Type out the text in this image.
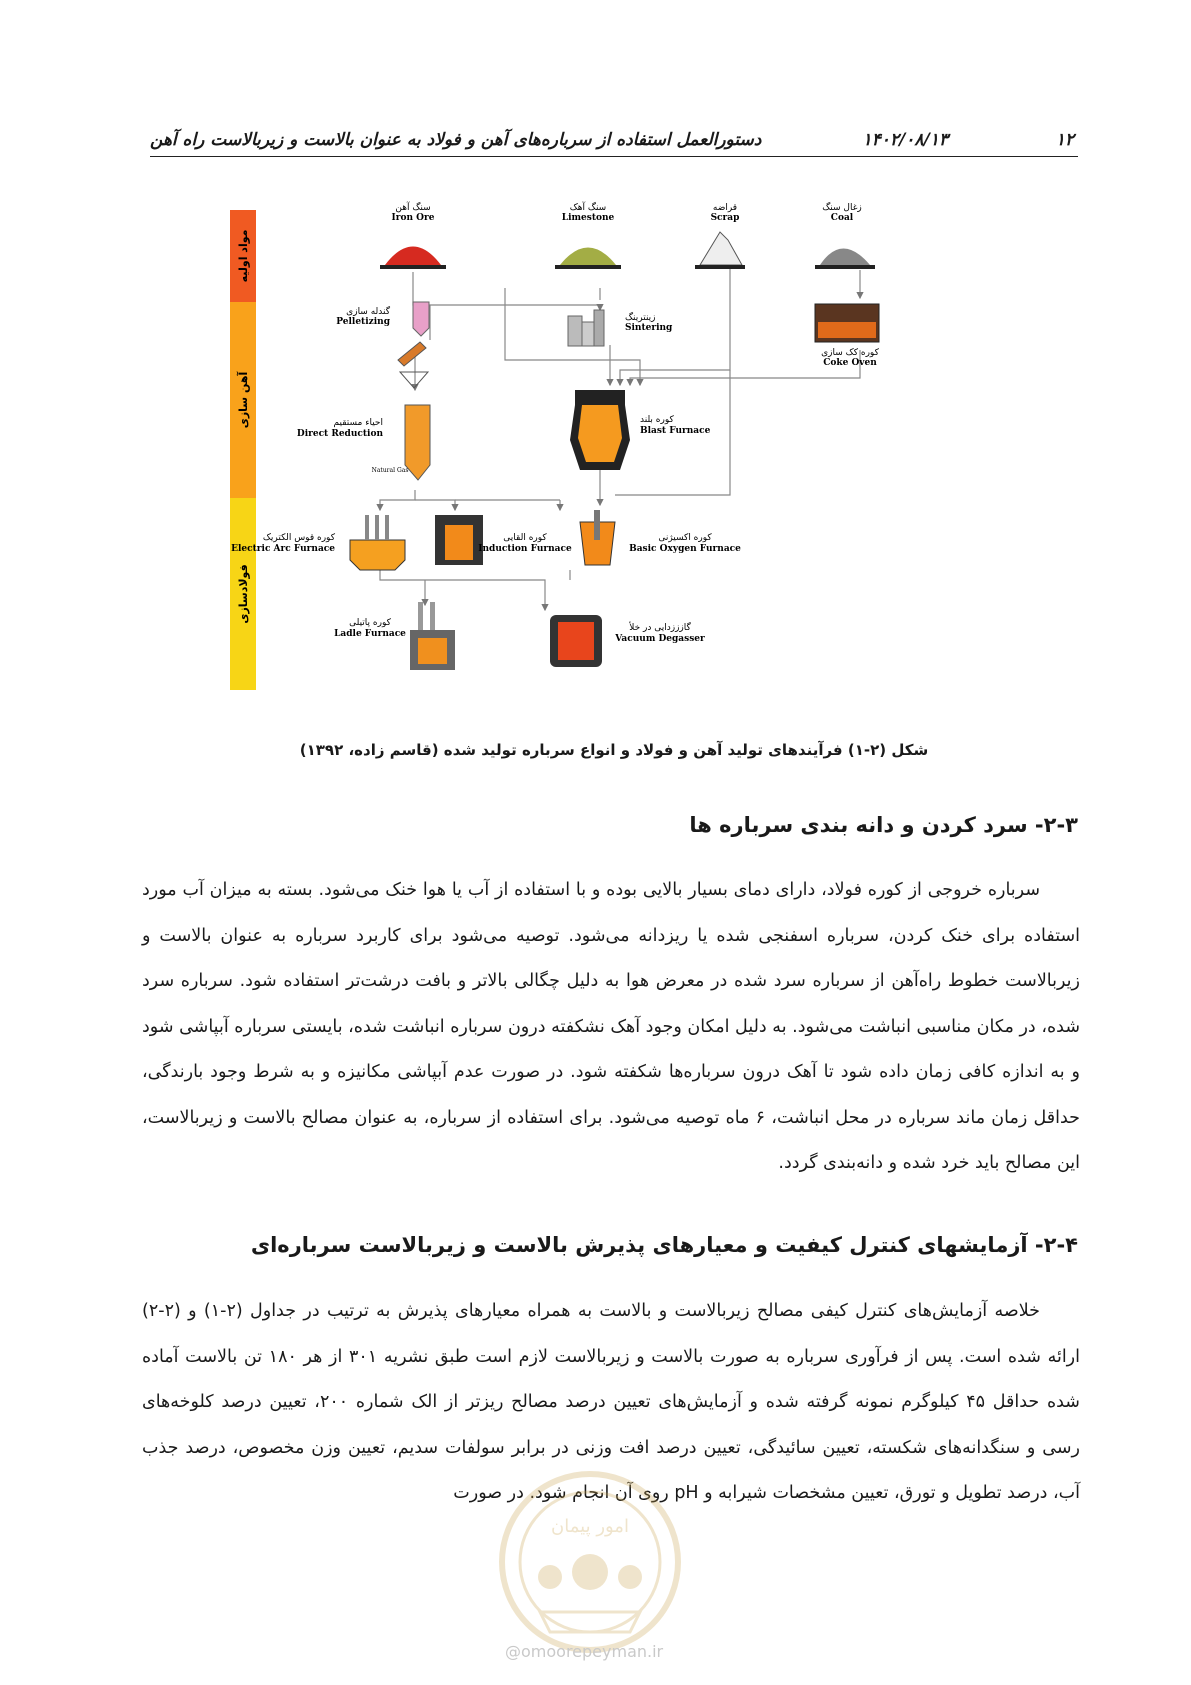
۱۲
۱۴۰۲/۰۸/۱۳
دستورالعمل استفاده از سرباره‌های آهن و فولاد به عنوان بالاست و زیربالاست راه آهن
مواد اولیه
آهن سازی
فولادسازی
سنگ آهن
Iron Ore
سنگ آهک
Limestone
قراضه
Scrap
زغال سنگ
Coal
گندله سازی
Pelletizing	زینترینگ
Sintering
کوره کک سازی
Coke Oven
احیاء مستقیم
Direct Reduction
Natural Gas
کوره بلند
Blast Furnace
کوره قوس الکتریک
Electric Arc Furnace
کوره القایی
Induction Furnace
کوره اکسیژنی
Basic Oxygen Furnace
کوره پاتیلی
Ladle Furnace
گازززدایی در خلأ
Vacuum Degasser
شکل (۲-۱) فرآیندهای تولید آهن و فولاد و انواع سرباره تولید شده (قاسم زاده، ۱۳۹۲)
۲-۳- سرد کردن و دانه بندی سرباره ها
سرباره خروجی از کوره فولاد، دارای دمای بسیار بالایی بوده و با استفاده از آب یا هوا خنک می‌شود. بسته به میزان آب مورد استفاده برای خنک کردن، سرباره اسفنجی شده یا ریزدانه می‌شود. توصیه می‌شود برای کاربرد سرباره به عنوان بالاست و زیربالاست خطوط راه‌آهن از سرباره سرد شده در معرض هوا به دلیل چگالی بالاتر و بافت درشت‌تر استفاده شود. سرباره سرد شده، در مکان مناسبی انباشت می‌شود. به دلیل امکان وجود آهک نشکفته درون سرباره انباشت شده، بایستی سرباره آبپاشی شود و به اندازه کافی زمان داده شود تا آهک درون سرباره‌ها شکفته شود. در صورت عدم آبپاشی مکانیزه و به شرط وجود بارندگی، حداقل زمان ماند سرباره در محل انباشت، ۶ ماه توصیه می‌شود. برای استفاده از سرباره، به عنوان مصالح بالاست و زیربالاست، این مصالح باید خرد شده و دانه‌بندی گردد.
۲-۴- آزمایشهای کنترل کیفیت و معیارهای پذیرش بالاست و زیربالاست سرباره‌ای
خلاصه آزمایش‌های کنترل کیفی مصالح زیربالاست و بالاست به همراه معیارهای پذیرش به ترتیب در جداول (۲-۱) و (۲-۲) ارائه شده است. پس از فرآوری سرباره به صورت بالاست و زیربالاست لازم است طبق نشریه ۳۰۱ از هر ۱۸۰ تن بالاست آماده شده حداقل ۴۵ کیلوگرم نمونه گرفته شده و آزمایش‌های تعیین درصد مصالح ریزتر از الک شماره ۲۰۰، تعیین درصد کلوخه‌های رسی و سنگدانه‌های شکسته، تعیین سائیدگی، تعیین درصد افت وزنی در برابر سولفات سدیم، تعیین وزن مخصوص، درصد جذب آب، درصد تطویل و تورق، تعیین مشخصات شیرابه و pH روی آن انجام شود. در صورت
امور پیمان
@omoorepeyman.ir
